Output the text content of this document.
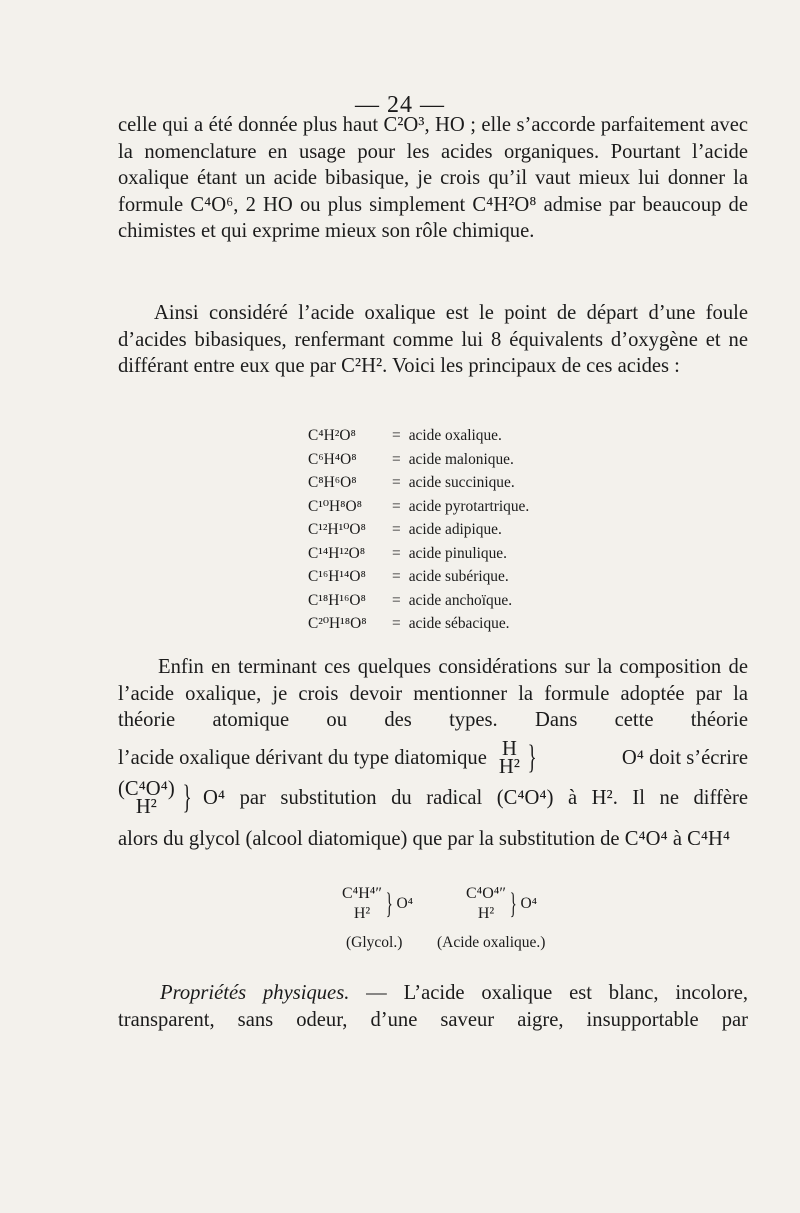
— 24 —

celle qui a été donnée plus haut C²O³, HO ; elle s’accorde parfaitement avec la nomenclature en usage pour les acides organiques. Pourtant l’acide oxalique étant un acide bibasique, je crois qu’il vaut mieux lui donner la formule C⁴O⁶, 2 HO ou plus simplement C⁴H²O⁸ admise par beaucoup de chimistes et qui exprime mieux son rôle chimique.

Ainsi considéré l’acide oxalique est le point de départ d’une foule d’acides bibasiques, renfermant comme lui 8 équivalents d’oxygène et ne différant entre eux que par C²H². Voici les principaux de ces acides :

C⁴H²O⁸ = acide oxalique.
C⁶H⁴O⁸ = acide malonique.
C⁸H⁶O⁸ = acide succinique.
C¹⁰H⁸O⁸ = acide pyrotartrique.
C¹²H¹⁰O⁸ = acide adipique.
C¹⁴H¹²O⁸ = acide pinulique.
C¹⁶H¹⁴O⁸ = acide subérique.
C¹⁸H¹⁶O⁸ = acide anchoïque.
C²⁰H¹⁸O⁸ = acide sébacique.

Enfin en terminant ces quelques considérations sur la composition de l’acide oxalique, je crois devoir mentionner la formule adoptée par la théorie atomique ou des types. Dans cette théorie

l’acide oxalique dérivant du type diatomique H
H² }	O⁴ doit s’écrire
(C⁴O⁴)
H² } O⁴ par substitution du radical (C⁴O⁴) à H². Il ne diffère

alors du glycol (alcool diatomique) que par la substitution de C⁴O⁴ à C⁴H⁴

C⁴H⁴″
H² } O⁴
(Glycol.)
C⁴O⁴″
H² } O⁴
(Acide oxalique.)

Propriétés physiques. — L’acide oxalique est blanc, incolore, transparent, sans odeur, d’une saveur aigre, insupportable par
